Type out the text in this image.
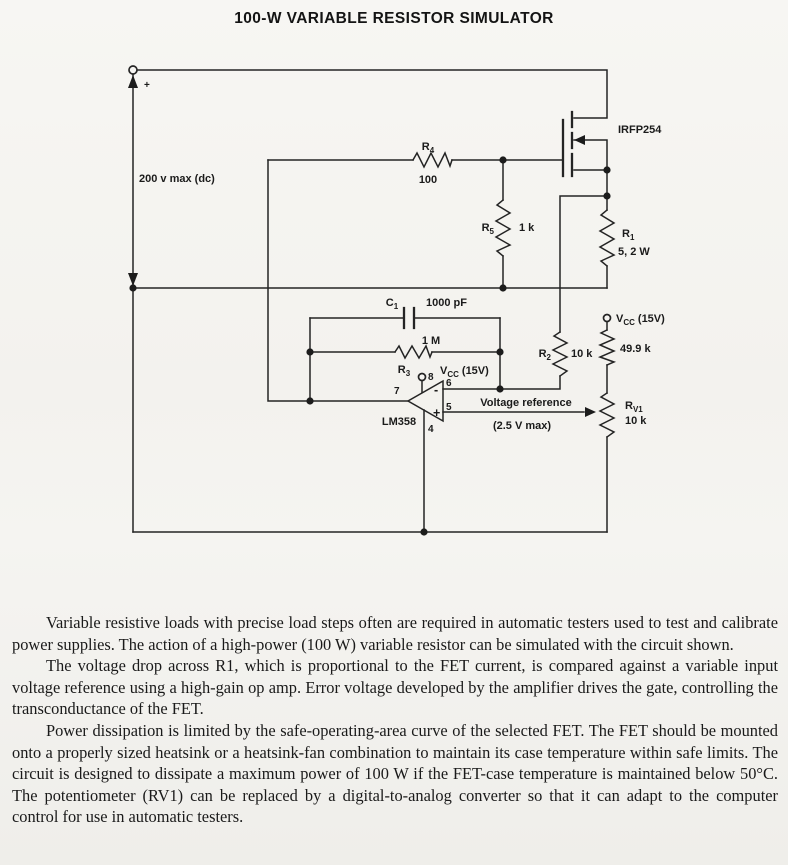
100-W VARIABLE RESISTOR SIMULATOR
+
200 v max (dc)
IRFP254
$R_4$
100
$R_5$ 1 k	$R_1$
5, 2 W
$R_2$ 10 k
$C_1$	1000 pF
1 M
$R_3$
49.9 k
$R_{V1}$
10 k
-
+
7
6
5
8
4
LM358
$V_{CC}$ (15V)
Voltage reference
(2.5 V max)
$V_{CC}$ (15V)

Variable resistive loads with precise load steps often are required in automatic testers used to test and calibrate power supplies. The action of a high-power (100 W) variable resistor can be simulated with the circuit shown.

The voltage drop across R1, which is proportional to the FET current, is compared against a variable input voltage reference using a high-gain op amp. Error voltage developed by the amplifier drives the gate, controlling the transconductance of the FET.

Power dissipation is limited by the safe-operating-area curve of the selected FET. The FET should be mounted onto a properly sized heatsink or a heatsink-fan combination to maintain its case temperature within safe limits. The circuit is designed to dissipate a maximum power of 100 W if the FET-case temperature is maintained below 50°C. The potentiometer (RV1) can be replaced by a digital-to-analog converter so that it can adapt to the computer control for use in automatic testers.
